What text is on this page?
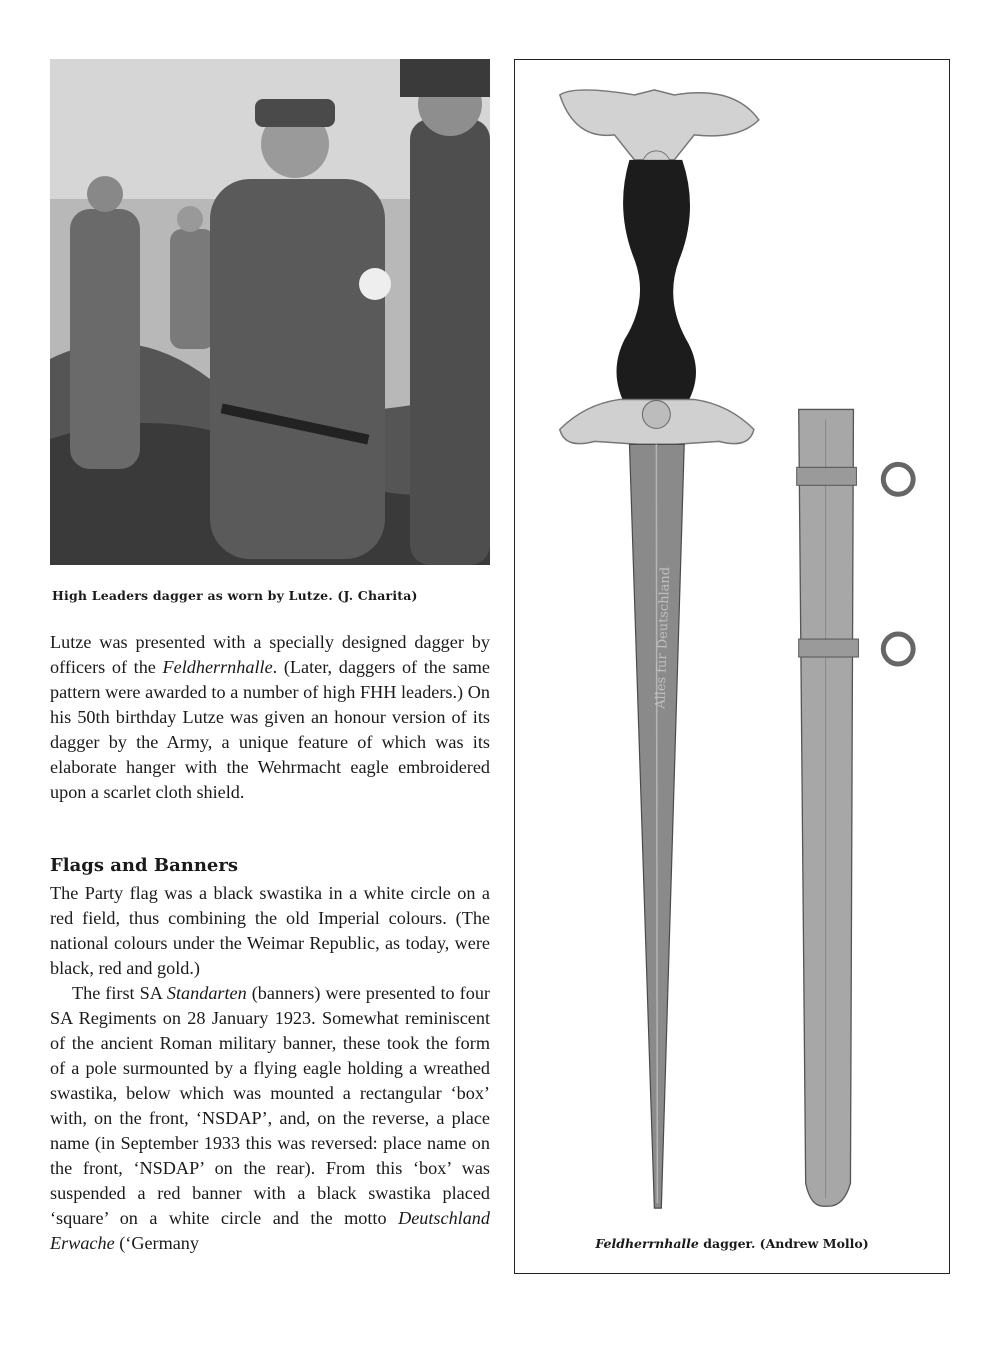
High Leaders dagger as worn by Lutze. (J. Charita)

Lutze was presented with a specially designed dagger by officers of the Feldherrnhalle. (Later, daggers of the same pattern were awarded to a number of high FHH leaders.) On his 50th birthday Lutze was given an honour version of its dagger by the Army, a unique feature of which was its elaborate hanger with the Wehrmacht eagle embroidered upon a scarlet cloth shield.

Flags and Banners

The Party flag was a black swastika in a white circle on a red field, thus combining the old Imperial colours. (The national colours under the Weimar Republic, as today, were black, red and gold.)

The first SA Standarten (banners) were presented to four SA Regiments on 28 January 1923. Somewhat reminiscent of the ancient Roman military banner, these took the form of a pole surmounted by a flying eagle holding a wreathed swastika, below which was mounted a rectangular ‘box’ with, on the front, ‘NSDAP’, and, on the reverse, a place name (in September 1933 this was reversed: place name on the front, ‘NSDAP’ on the rear). From this ‘box’ was suspended a red banner with a black swastika placed ‘square’ on a white circle and the motto Deutschland Erwache (‘Germany

Alles für Deutschland
Feldherrnhalle dagger. (Andrew Mollo)
